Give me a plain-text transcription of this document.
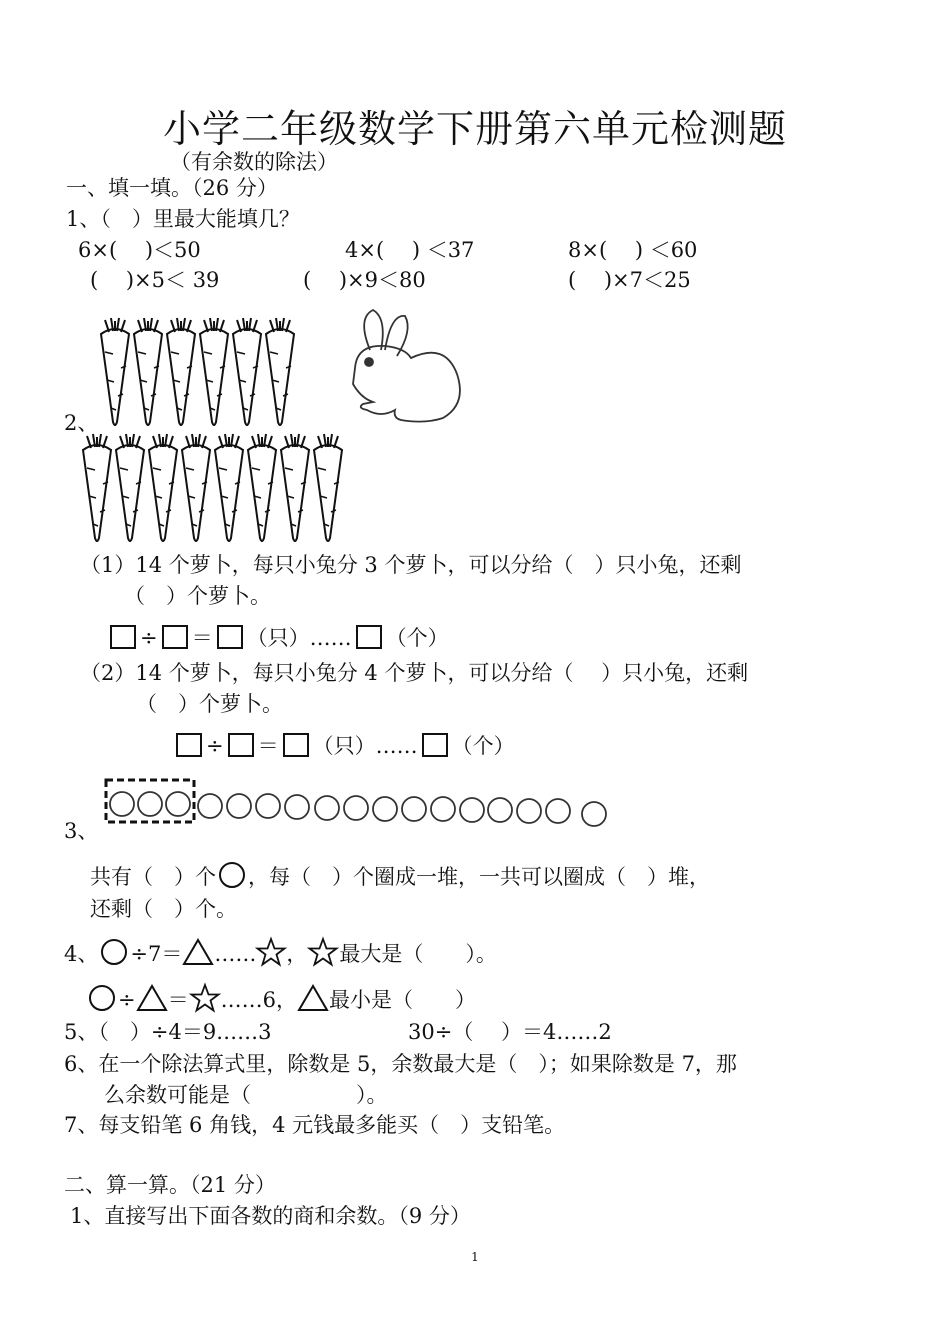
小学二年级数学下册第六单元检测题
（有余数的除法）
一、填一填。（26 分）
1、（　）里最大能填几？
6×(　 )＜50	4×(　 ) ＜37	8×(　 ) ＜60
(　 )×5＜ 39	(　 )×9＜80	(　 )×7＜25
2、
（1）14 个萝卜，每只小兔分 3 个萝卜，可以分给（　）只小兔，还剩
（　）个萝卜。
÷ ＝ （只）…… （个）
（2）14 个萝卜，每只小兔分 4 个萝卜，可以分给（　 ）只小兔，还剩
（　）个萝卜。
÷ ＝ （只）…… （个）
3、
共有（　）个 ，每（　）个圈成一堆，一共可以圈成（　）堆，
还剩（　）个。
4、 ÷7＝ …… ， 最大是（　　）。
÷ ＝ ……6， 最小是（　　）
5、（　）÷4＝9……3	30÷（　 ）＝4……2
6、在一个除法算式里，除数是 5，余数最大是（　）；如果除数是 7，那
么余数可能是（　　　　　）。
7、每支铅笔 6 角钱，4 元钱最多能买（　）支铅笔。
二、算一算。（21 分）
1、直接写出下面各数的商和余数。（9 分）
1
